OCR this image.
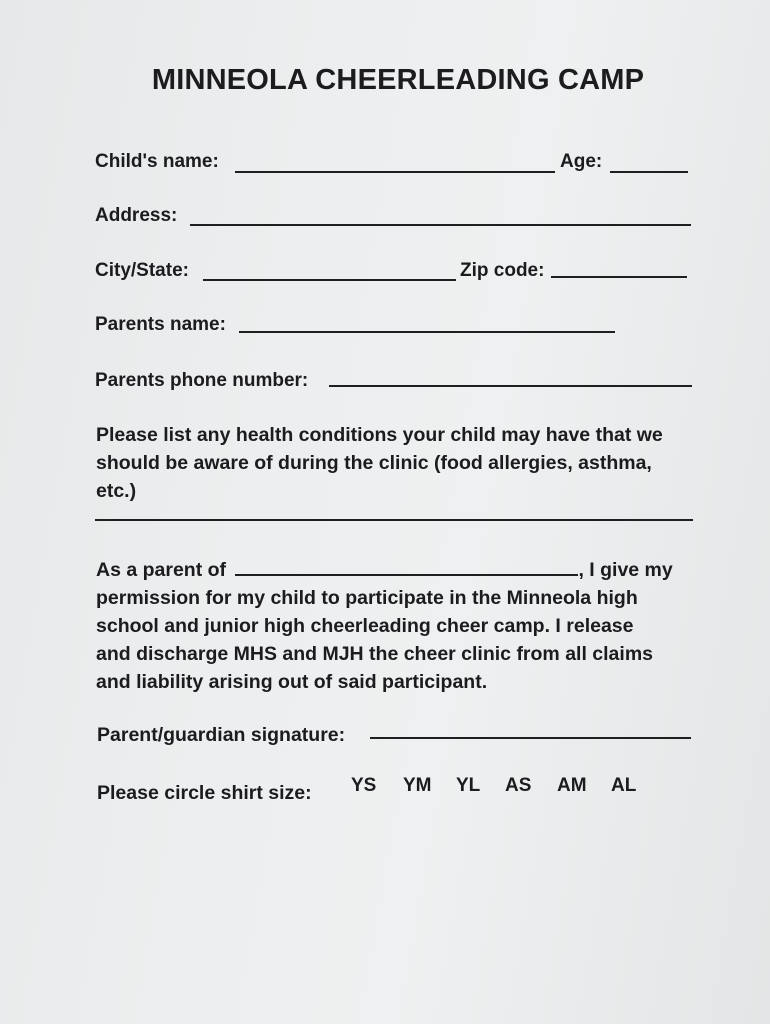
MINNEOLA CHEERLEADING CAMP
Child's name:	Age:
Address:
City/State:	Zip code:
Parents name:
Parents phone number:
Please list any health conditions your child may have that we
should be aware of during the clinic (food allergies, asthma,
etc.)
As a parent of	, I give my
permission for my child to participate in the Minneola high
school and junior high cheerleading cheer camp. I release
and discharge MHS and MJH the cheer clinic from all claims
and liability arising out of said participant.
Parent/guardian signature:
Please circle shirt size: YS YM YL AS AM AL
